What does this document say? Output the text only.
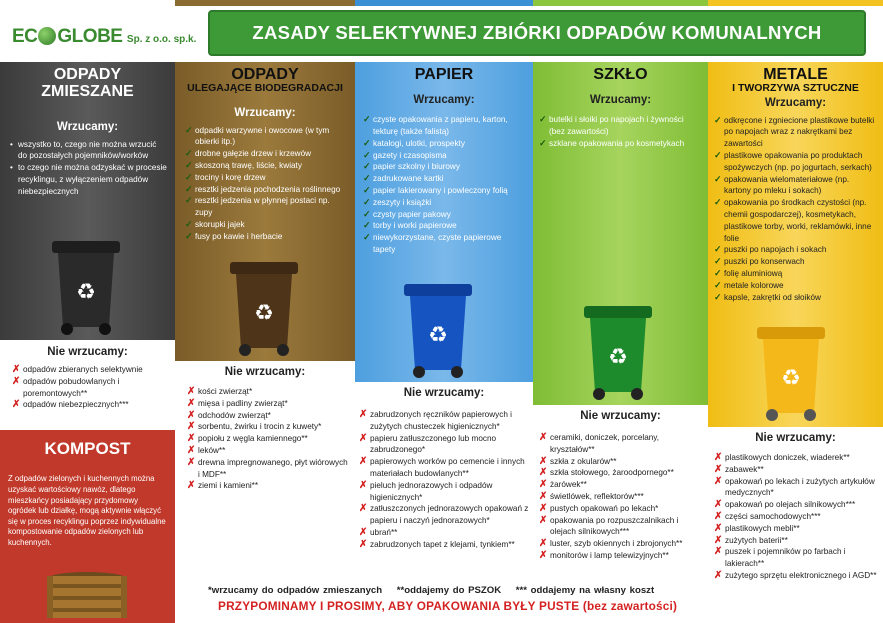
EC GLOBE Sp. z o.o. sp.k.	ZASADY SELEKTYWNEJ ZBIÓRKI ODPADÓW KOMUNALNYCH
ODPADY
ZMIESZANE
Wrzucamy:
• wszystko to, czego nie można wrzucić do pozostałych pojemników/worków
• to czego nie można odzyskać w procesie recyklingu, z wyłączeniem odpadów niebezpiecznych
Nie wrzucamy:
✗ odpadów zbieranych selektywnie
✗ odpadów pobudowlanych i poremontowych**
✗ odpadów niebezpiecznych***
KOMPOST
Z odpadów zielonych i kuchennych można uzyskać wartościowy nawóz, dlatego mieszkańcy posiadający przydomowy ogródek lub działkę, mogą aktywnie włączyć się w proces recyklingu poprzez indywidualne kompostowanie odpadów zielonych lub kuchennych.
ODPADY
ULEGAJĄCE BIODEGRADACJI
Wrzucamy:
✓ odpadki warzywne i owocowe (w tym obierki itp.)
✓ drobne gałęzie drzew i krzewów
✓ skoszoną trawę, liście, kwiaty
✓ trociny i korę drzew
✓ resztki jedzenia pochodzenia roślinnego
✓ resztki jedzenia w płynnej postaci np. zupy
✓ skorupki jajek
✓ fusy po kawie i herbacie
Nie wrzucamy:
✗ kości zwierząt*
✗ mięsa i padliny zwierząt*
✗ odchodów zwierząt*
✗ sorbentu, żwirku i trocin z kuwety*
✗ popiołu z węgla kamiennego**
✗ leków**
✗ drewna impregnowanego, płyt wiórowych i MDF**
✗ ziemi i kamieni**
PAPIER
Wrzucamy:
✓ czyste opakowania z papieru, karton, tekturę (także falistą)
✓ katalogi, ulotki, prospekty
✓ gazety i czasopisma
✓ papier szkolny i biurowy
✓ zadrukowane kartki
✓ papier lakierowany i powleczony folią
✓ zeszyty i książki
✓ czysty papier pakowy
✓ torby i worki papierowe
✓ niewykorzystane, czyste papierowe tapety
Nie wrzucamy:
✗ zabrudzonych ręczników papierowych i zużytych chusteczek higienicznych*
✗ papieru zatłuszczonego lub mocno zabrudzonego*
✗ papierowych worków po cemencie i innych materiałach budowlanych**
✗ pieluch jednorazowych i odpadów higienicznych*
✗ zatłuszczonych jednorazowych opakowań z papieru i naczyń jednorazowych*
✗ ubrań**
✗ zabrudzonych tapet z klejami, tynkiem**
SZKŁO
Wrzucamy:
✓ butelki i słoiki po napojach i żywności (bez zawartości)
✓ szklane opakowania po kosmetykach
Nie wrzucamy:
✗ ceramiki, doniczek, porcelany, kryształów**
✗ szkła z okularów**
✗ szkła stołowego, żaroodpornego**
✗ żarówek**
✗ świetlówek, reflektorów***
✗ pustych opakowań po lekach*
✗ opakowania po rozpuszczalnikach i olejach silnikowych***
✗ luster, szyb okiennych i zbrojonych**
✗ monitorów i lamp telewizyjnych**
METALE
I TWORZYWA SZTUCZNE
Wrzucamy:
✓ odkręcone i zgniecione plastikowe butelki po napojach wraz z nakrętkami bez zawartości
✓ plastikowe opakowania po produktach spożywczych (np. po jogurtach, serkach)
✓ opakowania wielomateriałowe (np. kartony po mleku i sokach)
✓ opakowania po środkach czystości (np. chemii gospodarczej), kosmetykach, plastikowe torby, worki, reklamówki, inne folie
✓ puszki po napojach i sokach
✓ puszki po konserwach
✓ folię aluminiową
✓ metale kolorowe
✓ kapsle, zakrętki od słoików
Nie wrzucamy:
✗ plastikowych doniczek, wiaderek**
✗ zabawek**
✗ opakowań po lekach i zużytych artykułów medycznych*
✗ opakowań po olejach silnikowych***
✗ części samochodowych***
✗ plastikowych mebli**
✗ zużytych baterii**
✗ puszek i pojemników po farbach i lakierach**
✗ zużytego sprzętu elektronicznego i AGD**
♻
♻
♻
♻
♻
*wrzucamy do odpadów zmieszanych    **oddajemy do PSZOK    *** oddajemy na własny koszt
PRZYPOMINAMY I PROSIMY, ABY OPAKOWANIA BYŁY PUSTE (bez zawartości)
